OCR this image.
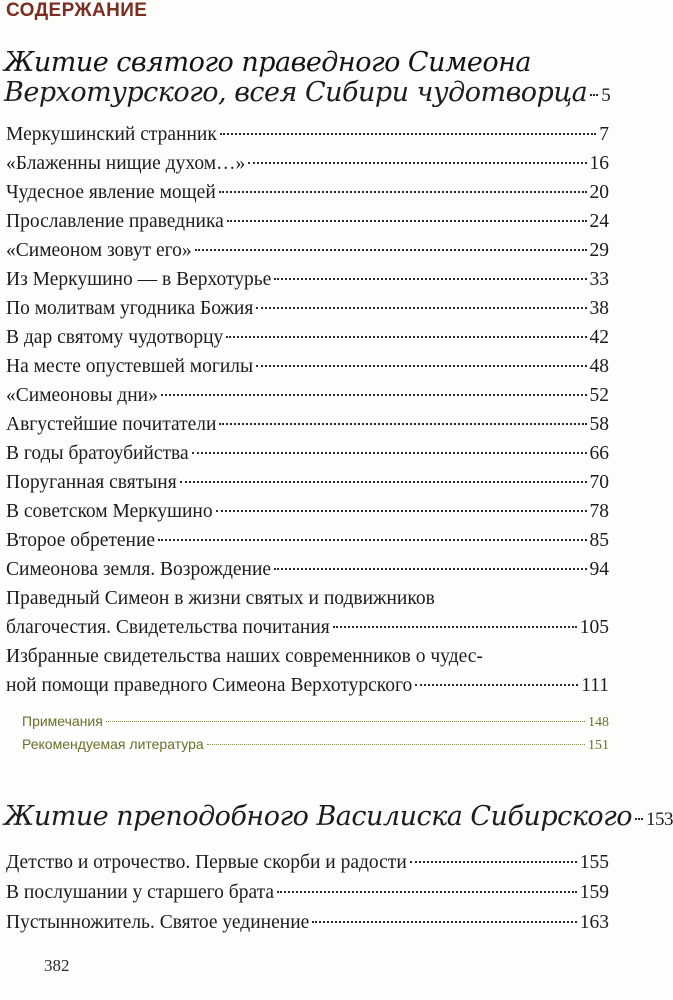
СОДЕРЖАНИЕ
Житие святого праведного Симеона
Верхотурского, всея Сибири чудотворца 5
Меркушинский странник	7
«Блаженны нищие духом…»	16
Чудесное явление мощей	20
Прославление праведника	24
«Симеоном зовут его»	29
Из Меркушино — в Верхотурье	33
По молитвам угодника Божия	38
В дар святому чудотворцу	42
На месте опустевшей могилы	48
«Симеоновы дни»	52
Августейшие почитатели	58
В годы братоубийства	66
Поруганная святыня	70
В советском Меркушино	78
Второе обретение	85
Симеонова земля. Возрождение	94
Праведный Симеон в жизни святых и подвижников
благочестия. Свидетельства почитания	105
Избранные свидетельства наших современников о чудес-
ной помощи праведного Симеона Верхотурского	111
Примечания	148
Рекомендуемая литература	151
Житие преподобного Василиска Сибирского 153
Детство и отрочество. Первые скорби и радости	155
В послушании у старшего брата	159
Пустынножитель. Святое уединение	163
382
